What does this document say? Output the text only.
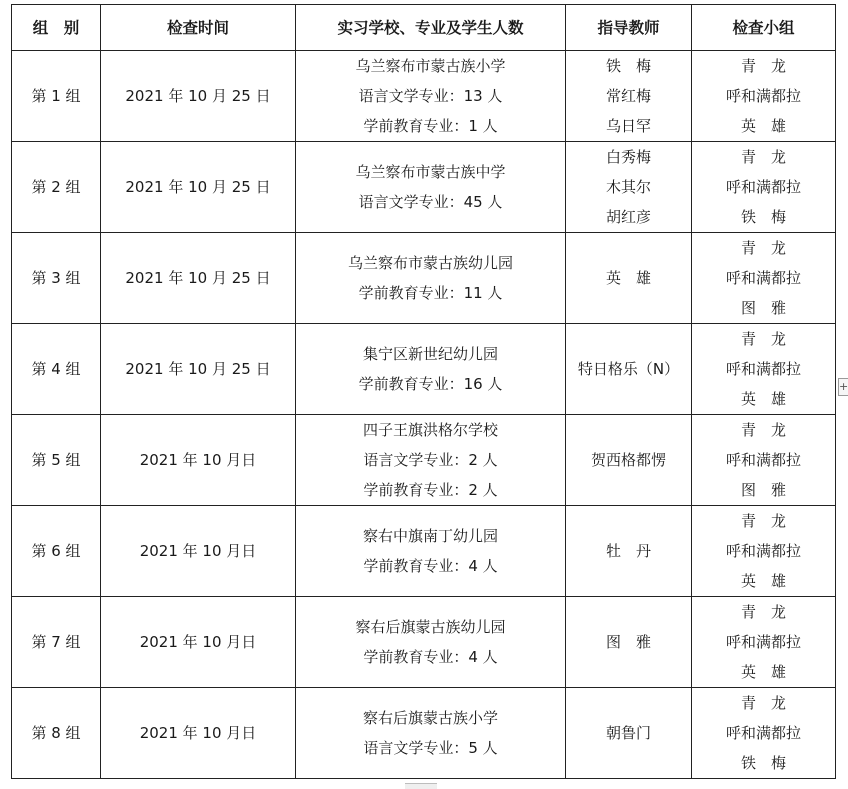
组　别	检查时间	实习学校、专业及学生人数	指导教师	检查小组
第 1 组	2021 年 10 月 25 日	乌兰察布市蒙古族小学
语言文学专业：13 人
学前教育专业：1 人	铁　梅
常红梅
乌日罕	青　龙
呼和满都拉
英　雄

第 2 组	2021 年 10 月 25 日	乌兰察布市蒙古族中学
语言文学专业：45 人	白秀梅
木其尔
胡红彦	青　龙
呼和满都拉
铁　梅

第 3 组	2021 年 10 月 25 日	乌兰察布市蒙古族幼儿园
学前教育专业：11 人	英　雄	青　龙
呼和满都拉
图　雅

第 4 组	2021 年 10 月 25 日	集宁区新世纪幼儿园
学前教育专业：16 人	特日格乐（N）	青　龙
呼和满都拉
英　雄

第 5 组	2021 年 10 月日	四子王旗洪格尔学校
语言文学专业：2 人
学前教育专业：2 人	贺西格都愣	青　龙
呼和满都拉
图　雅

第 6 组	2021 年 10 月日	察右中旗南丁幼儿园
学前教育专业：4 人	牡　丹	青　龙
呼和满都拉
英　雄

第 7 组	2021 年 10 月日	察右后旗蒙古族幼儿园
学前教育专业：4 人	图　雅	青　龙
呼和满都拉
英　雄

第 8 组	2021 年 10 月日	察右后旗蒙古族小学
语言文学专业：5 人	朝鲁门	青　龙
呼和满都拉
铁　梅
+
